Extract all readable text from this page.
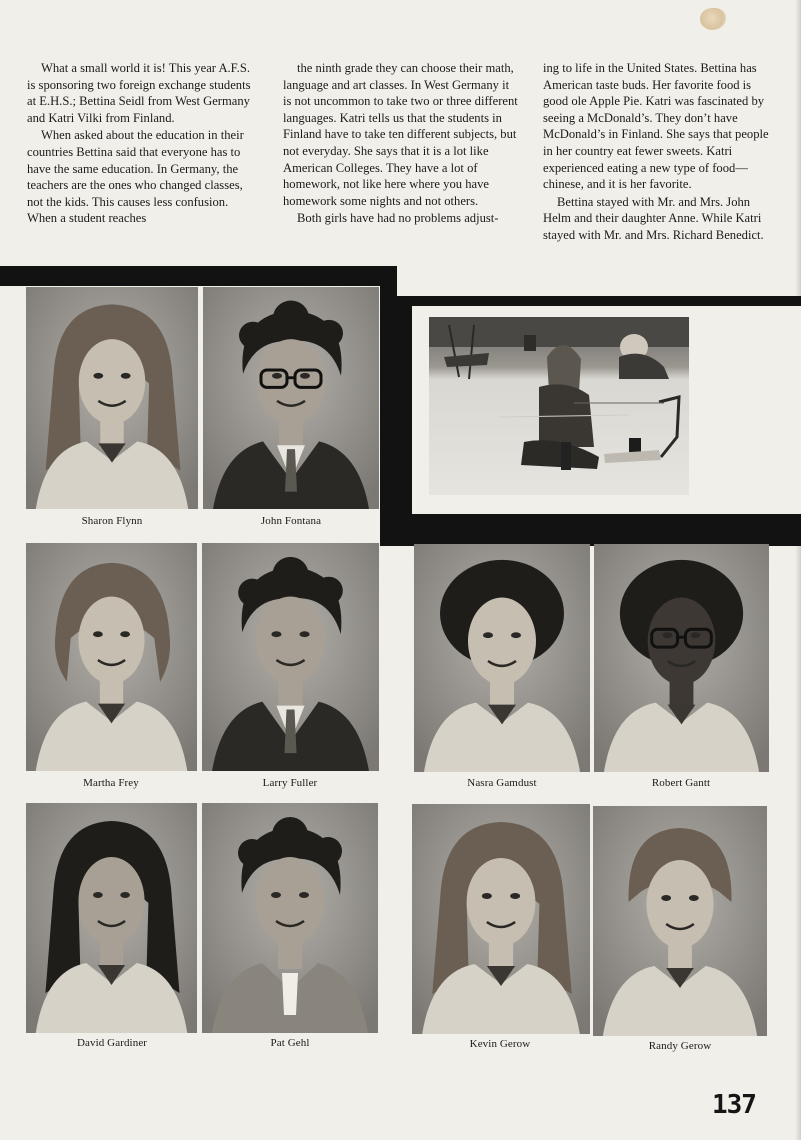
What a small world it is! This year A.F.S. is sponsoring two foreign exchange students at E.H.S.; Bettina Seidl from West Germany and Katri Vilki from Finland.

When asked about the education in their countries Bettina said that everyone has to have the same education. In Germany, the teachers are the ones who changed classes, not the kids. This causes less confusion. When a student reaches

the ninth grade they can choose their math, language and art classes. In West Germany it is not uncommon to take two or three different languages. Katri tells us that the students in Finland have to take ten different subjects, but not everyday. She says that it is a lot like American Colleges. They have a lot of homework, not like here where you have homework some nights and not others.

Both girls have had no problems adjust-

ing to life in the United States. Bettina has American taste buds. Her favorite food is good ole Apple Pie. Katri was fascinated by seeing a McDonald’s. They don’t have McDonald’s in Finland. She says that people in her country eat fewer sweets. Katri experienced eating a new type of food—chinese, and it is her favorite.

Bettina stayed with Mr. and Mrs. John Helm and their daughter Anne. While Katri stayed with Mr. and Mrs. Richard Benedict.

Sharon Flynn	John Fontana
Martha Frey	Larry Fuller	Nasra Gamdust	Robert Gantt
David Gardiner	Pat Gehl	Kevin Gerow	Randy Gerow
137
